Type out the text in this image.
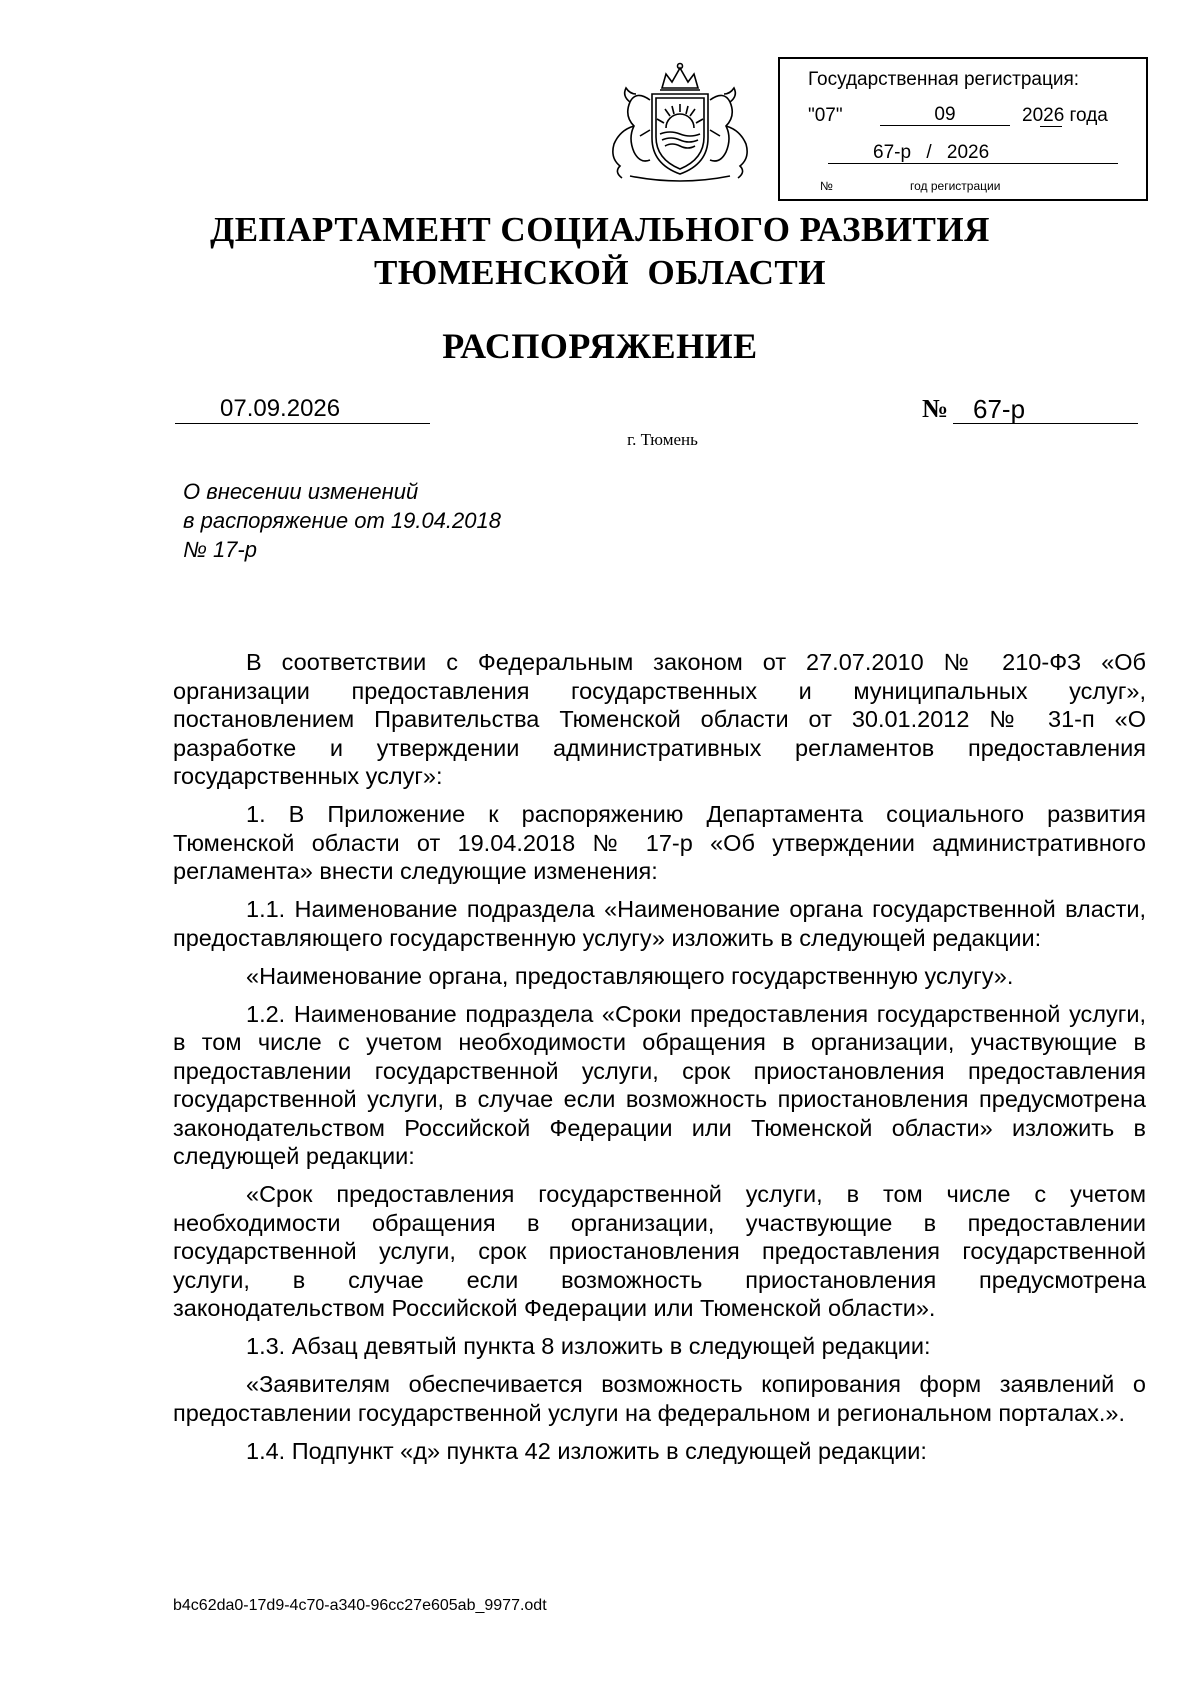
Государственная регистрация:
"07"	09	2026 года
67-р / 2026
№	год регистрации
ДЕПАРТАМЕНТ СОЦИАЛЬНОГО РАЗВИТИЯ
ТЮМЕНСКОЙ  ОБЛАСТИ
РАСПОРЯЖЕНИЕ
07.09.2026	№ 67-р
г. Тюмень
О внесении изменений
в распоряжение от 19.04.2018
№ 17-р

В соответствии с Федеральным законом от 27.07.2010 № 210-ФЗ «Об организации предоставления государственных и муниципальных услуг», постановлением Правительства Тюменской области от 30.01.2012 № 31-п «О разработке и утверждении административных регламентов предоставления государственных услуг»:

1. В Приложение к распоряжению Департамента социального развития Тюменской области от 19.04.2018 № 17-р «Об утверждении административного регламента» внести следующие изменения:

1.1. Наименование подраздела «Наименование органа государственной власти, предоставляющего государственную услугу» изложить в следующей редакции:

«Наименование органа, предоставляющего государственную услугу».

1.2. Наименование подраздела «Сроки предоставления государственной услуги, в том числе с учетом необходимости обращения в организации, участвующие в предоставлении государственной услуги, срок приостановления предоставления государственной услуги, в случае если возможность приостановления предусмотрена законодательством Российской Федерации или Тюменской области» изложить в следующей редакции:

«Срок предоставления государственной услуги, в том числе с учетом необходимости обращения в организации, участвующие в предоставлении государственной услуги, срок приостановления предоставления государственной услуги, в случае если возможность приостановления предусмотрена законодательством Российской Федерации или Тюменской области».

1.3. Абзац девятый пункта 8 изложить в следующей редакции:

«Заявителям обеспечивается возможность копирования форм заявлений о предоставлении государственной услуги на федеральном и региональном порталах.».

1.4. Подпункт «д» пункта 42 изложить в следующей редакции:

b4c62da0-17d9-4c70-a340-96cc27e605ab_9977.odt
